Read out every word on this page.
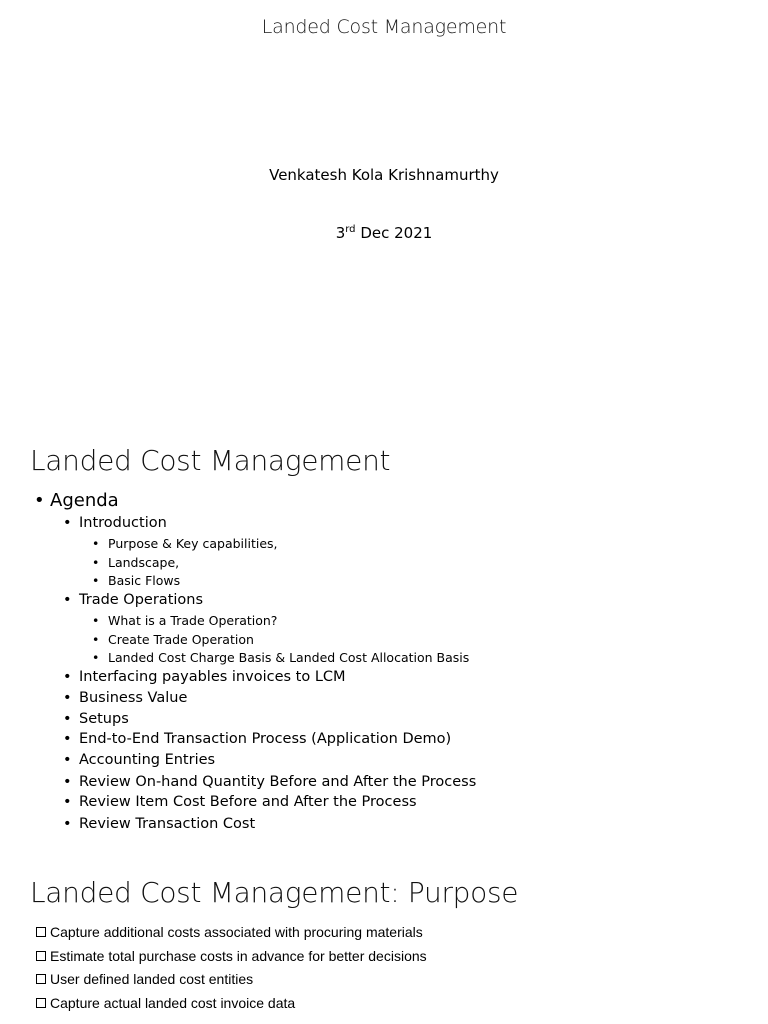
Landed Cost Management
Venkatesh Kola Krishnamurthy
3rd Dec 2021
Landed Cost Management
• Agenda
• Introduction
• Purpose & Key capabilities,
• Landscape,
• Basic Flows
• Trade Operations
• What is a Trade Operation?
• Create Trade Operation
• Landed Cost Charge Basis & Landed Cost Allocation Basis
• Interfacing payables invoices to LCM
• Business Value
• Setups
• End-to-End Transaction Process (Application Demo)
• Accounting Entries
• Review On-hand Quantity Before and After the Process
• Review Item Cost Before and After the Process
• Review Transaction Cost
Landed Cost Management: Purpose
Capture additional costs associated with procuring materials
Estimate total purchase costs in advance for better decisions
User defined landed cost entities
Capture actual landed cost invoice data
